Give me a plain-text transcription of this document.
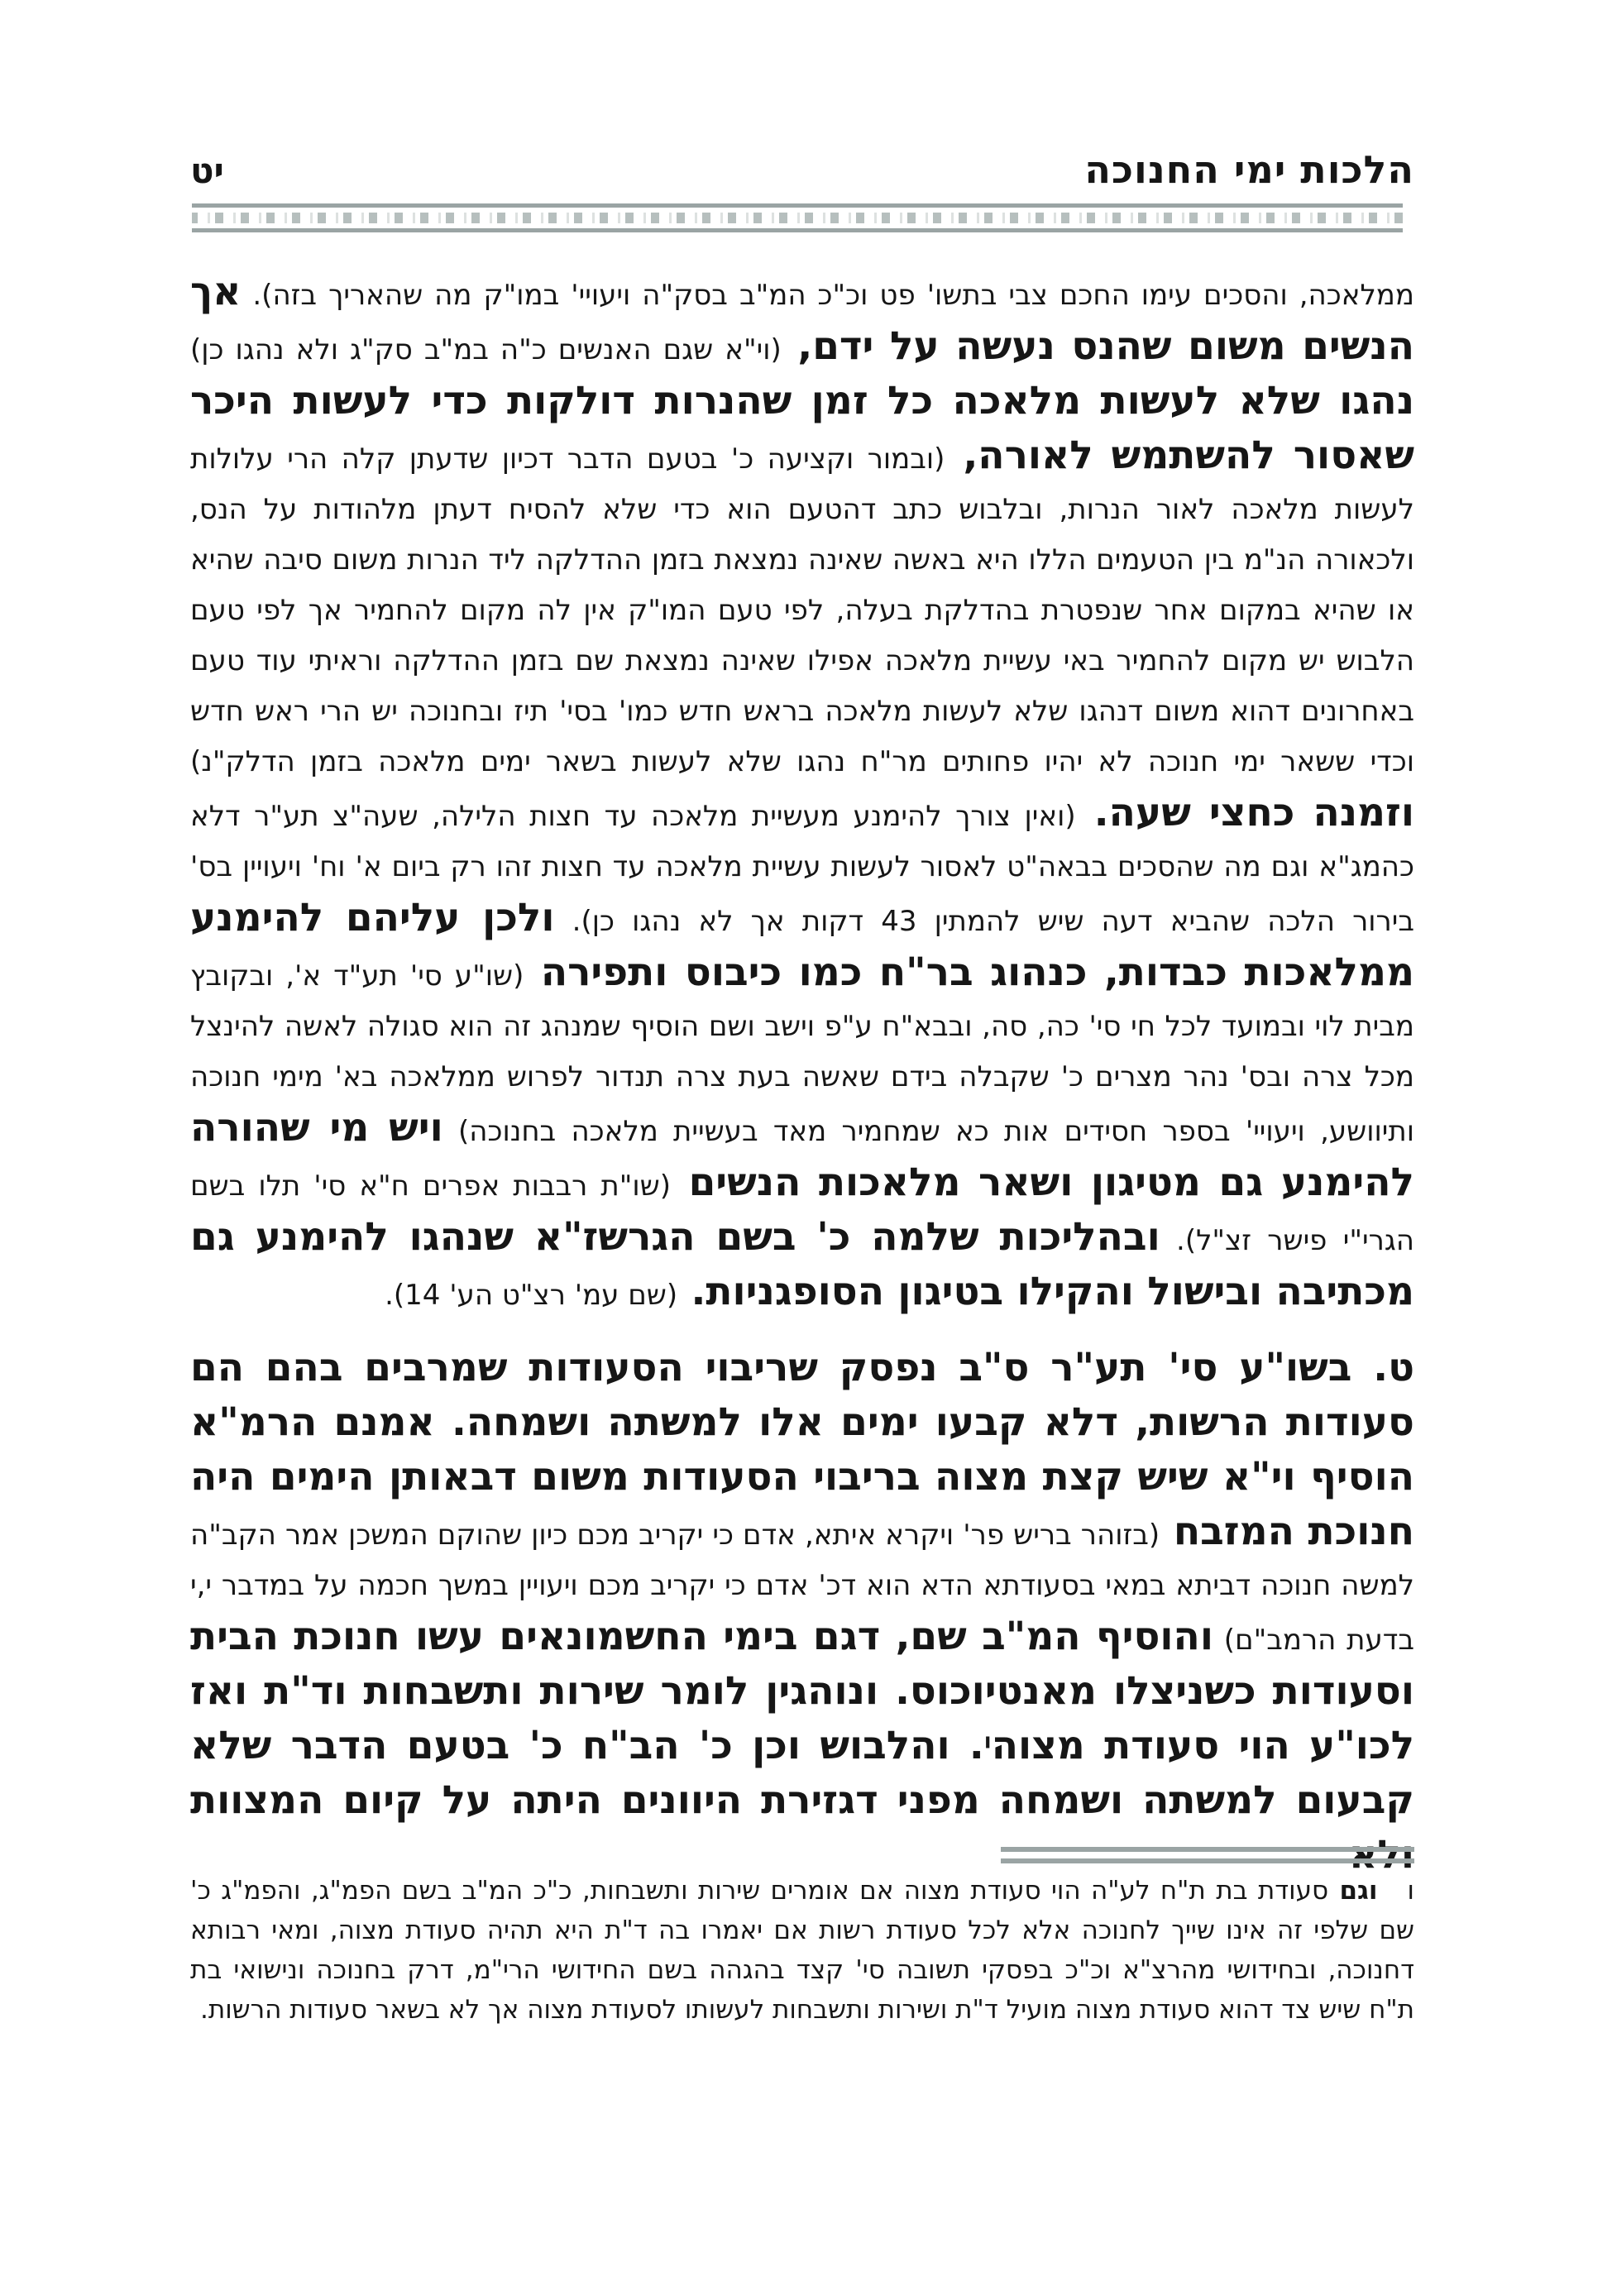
הלכות ימי החנוכה
יט

ממלאכה, והסכים עימו החכם צבי בתשו' פט וכ"כ המ"ב בסק"ה ויעויי' במו"ק מה שהאריך בזה). אך הנשים משום שהנס נעשה על ידם, (וי"א שגם האנשים כ"ה במ"ב סק"ג ולא נהגו כן) נהגו שלא לעשות מלאכה כל זמן שהנרות דולקות כדי לעשות היכר שאסור להשתמש לאורה, (ובמור וקציעה כ' בטעם הדבר דכיון שדעתן קלה הרי עלולות לעשות מלאכה לאור הנרות, ובלבוש כתב דהטעם הוא כדי שלא להסיח דעתן מלהודות על הנס, ולכאורה הנ"מ בין הטעמים הללו היא באשה שאינה נמצאת בזמן ההדלקה ליד הנרות משום סיבה שהיא או שהיא במקום אחר שנפטרת בהדלקת בעלה, לפי טעם המו"ק אין לה מקום להחמיר אך לפי טעם הלבוש יש מקום להחמיר באי עשיית מלאכה אפילו שאינה נמצאת שם בזמן ההדלקה וראיתי עוד טעם באחרונים דהוא משום דנהגו שלא לעשות מלאכה בראש חדש כמו' בסי' תיז ובחנוכה יש הרי ראש חדש וכדי ששאר ימי חנוכה לא יהיו פחותים מר"ח נהגו שלא לעשות בשאר ימים מלאכה בזמן הדלק"נ) וזמנה כחצי שעה. (ואין צורך להימנע מעשיית מלאכה עד חצות הלילה, שעה"צ תע"ר דלא כהמג"א וגם מה שהסכים בבאה"ט לאסור לעשות עשיית מלאכה עד חצות זהו רק ביום א' וח' ויעויין בס' בירור הלכה שהביא דעה שיש להמתין 43 דקות אך לא נהגו כן). ולכן עליהם להימנע ממלאכות כבדות, כנהוג בר"ח כמו כיבוס ותפירה (שו"ע סי' תע"ד א', ובקובץ מבית לוי ובמועד לכל חי סי' כה, סה, ובבא"ח ע"פ וישב ושם הוסיף שמנהג זה הוא סגולה לאשה להינצל מכל צרה ובס' נהר מצרים כ' שקבלה בידם שאשה בעת צרה תנדור לפרוש ממלאכה בא' מימי חנוכה ותיוושע, ויעויי' בספר חסידים אות כא שמחמיר מאד בעשיית מלאכה בחנוכה) ויש מי שהורה להימנע גם מטיגון ושאר מלאכות הנשים (שו"ת רבבות אפרים ח"א סי' תלו בשם הגרי"י פישר זצ"ל). ובהליכות שלמה כ' בשם הגרשז"א שנהגו להימנע גם מכתיבה ובישול והקילו בטיגון הסופגניות. (שם עמ' רצ"ט הע' 14).

ט. בשו"ע סי' תע"ר ס"ב נפסק שריבוי הסעודות שמרבים בהם הם סעודות הרשות, דלא קבעו ימים אלו למשתה ושמחה. אמנם הרמ"א הוסיף וי"א שיש קצת מצוה בריבוי הסעודות משום דבאותן הימים היה חנוכת המזבח (בזוהר בריש פר' ויקרא איתא, אדם כי יקריב מכם כיון שהוקם המשכן אמר הקב"ה למשה חנוכה דביתא במאי בסעודתא הדא הוא דכ' אדם כי יקריב מכם ויעויין במשך חכמה על במדבר י,י בדעת הרמב"ם) והוסיף המ"ב שם, דגם בימי החשמונאים עשו חנוכת הבית וסעודות כשניצלו מאנטיוכוס. ונוהגין לומר שירות ותשבחות וד"ת ואז לכו"ע הוי סעודת מצוה$^ו$. והלבוש וכן כ' הב"ח כ' בטעם הדבר שלא קבעום למשתה ושמחה מפני דגזירת היוונים היתה על קיום המצוות ולא

ווגם סעודת בת ת"ח לע"ה הוי סעודת מצוה אם אומרים שירות ותשבחות, כ"כ המ"ב בשם הפמ"ג, והפמ"ג כ' שם שלפי זה אינו שייך לחנוכה אלא לכל סעודת רשות אם יאמרו בה ד"ת היא תהיה סעודת מצוה, ומאי רבותא דחנוכה, ובחידושי מהרצ"א וכ"כ בפסקי תשובה סי' קצד בהגהה בשם החידושי הרי"מ, דרק בחנוכה ונישואי בת ת"ח שיש צד דהוא סעודת מצוה מועיל ד"ת ושירות ותשבחות לעשותו לסעודת מצוה אך לא בשאר סעודות הרשות.
